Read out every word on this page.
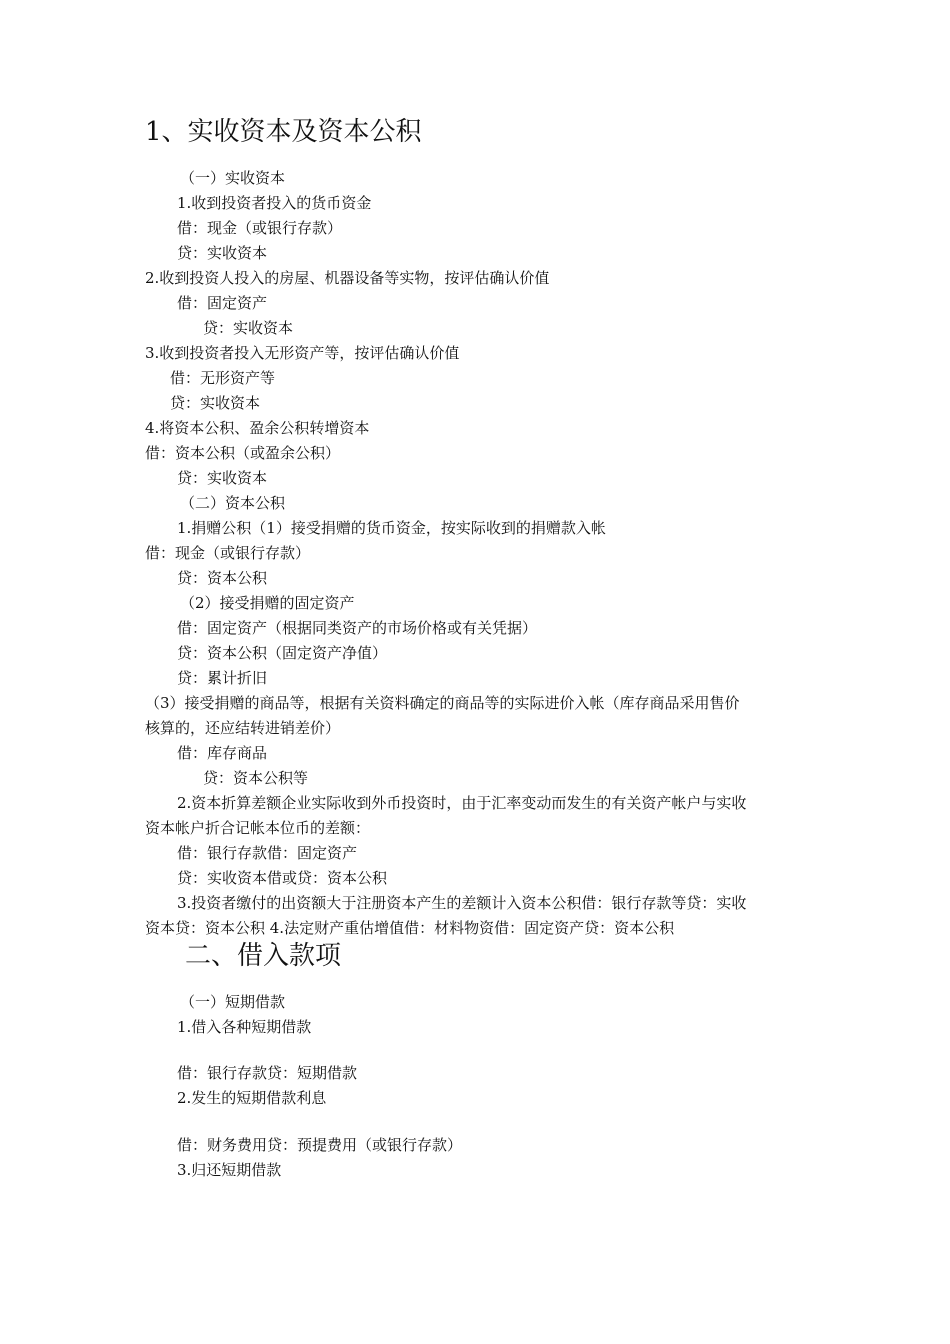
1、实收资本及资本公积
（一）实收资本
1.收到投资者投入的货币资金
借：现金（或银行存款）
贷：实收资本
2.收到投资人投入的房屋、机器设备等实物，按评估确认价值
借：固定资产
贷：实收资本
3.收到投资者投入无形资产等，按评估确认价值
借：无形资产等
贷：实收资本
4.将资本公积、盈余公积转增资本
借：资本公积（或盈余公积）
贷：实收资本
（二）资本公积
1.捐赠公积（1）接受捐赠的货币资金，按实际收到的捐赠款入帐
借：现金（或银行存款）
贷：资本公积
（2）接受捐赠的固定资产
借：固定资产（根据同类资产的市场价格或有关凭据）
贷：资本公积（固定资产净值）
贷：累计折旧
（3）接受捐赠的商品等，根据有关资料确定的商品等的实际进价入帐（库存商品采用售价
核算的，还应结转进销差价）
借：库存商品
贷：资本公积等
2.资本折算差额企业实际收到外币投资时，由于汇率变动而发生的有关资产帐户与实收
资本帐户折合记帐本位币的差额：
借：银行存款借：固定资产
贷：实收资本借或贷：资本公积
3.投资者缴付的出资额大于注册资本产生的差额计入资本公积借：银行存款等贷：实收
资本贷：资本公积 4.法定财产重估增值借：材料物资借：固定资产贷：资本公积
二、借入款项
（一）短期借款
1.借入各种短期借款
借：银行存款贷：短期借款
2.发生的短期借款利息
借：财务费用贷：预提费用（或银行存款）
3.归还短期借款
